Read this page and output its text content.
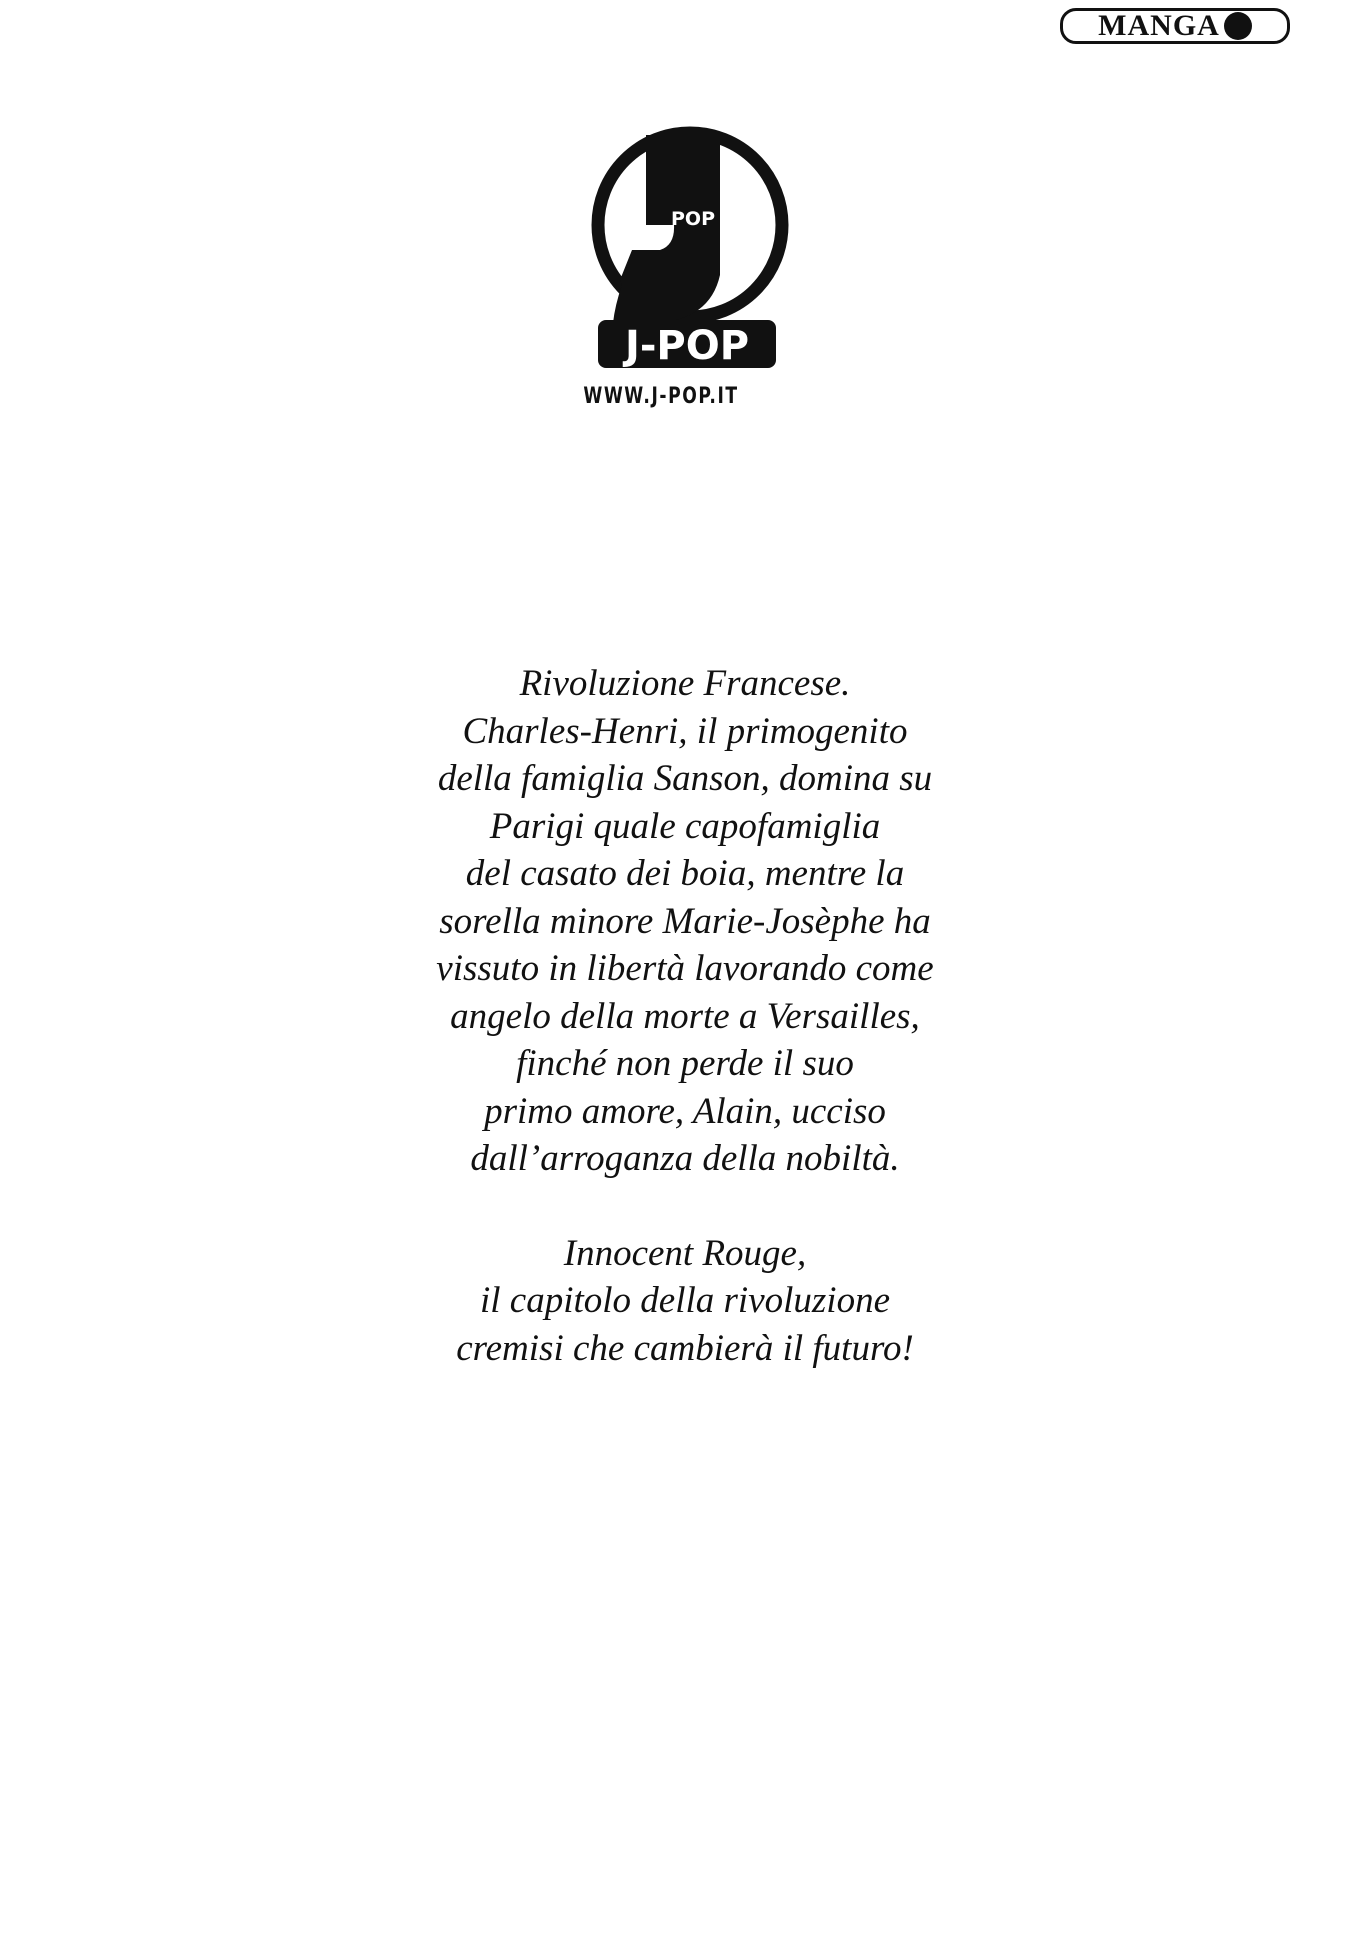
MANGA
POP
J-POP
WWW.J-POP.IT
Rivoluzione Francese.
Charles-Henri, il primogenito
della famiglia Sanson, domina su
Parigi quale capofamiglia
del casato dei boia, mentre la
sorella minore Marie-Josèphe ha
vissuto in libertà lavorando come
angelo della morte a Versailles,
finché non perde il suo
primo amore, Alain, ucciso
dall’arroganza della nobiltà.
Innocent Rouge,
il capitolo della rivoluzione
cremisi che cambierà il futuro!
